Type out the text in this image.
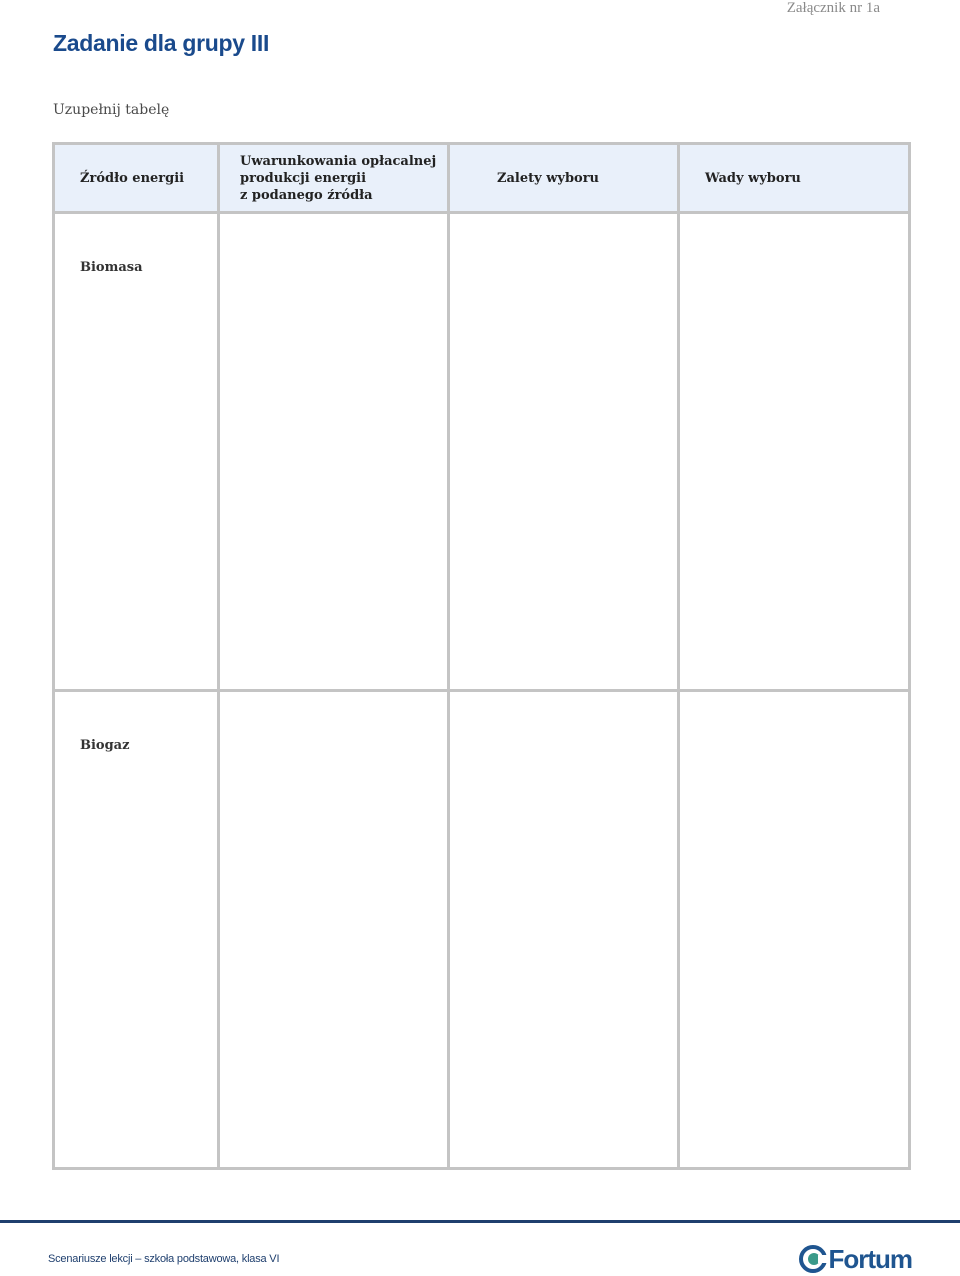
Załącznik nr 1a
Zadanie dla grupy III
Uzupełnij tabelę
Źródło energii	Uwarunkowania opłacalnej
produkcji energii
z podanego źródła	Zalety wyboru	Wady wyboru

Biomasa			
Biogaz			
Scenariusze lekcji – szkoła podstawowa, klasa VI	Fortum
